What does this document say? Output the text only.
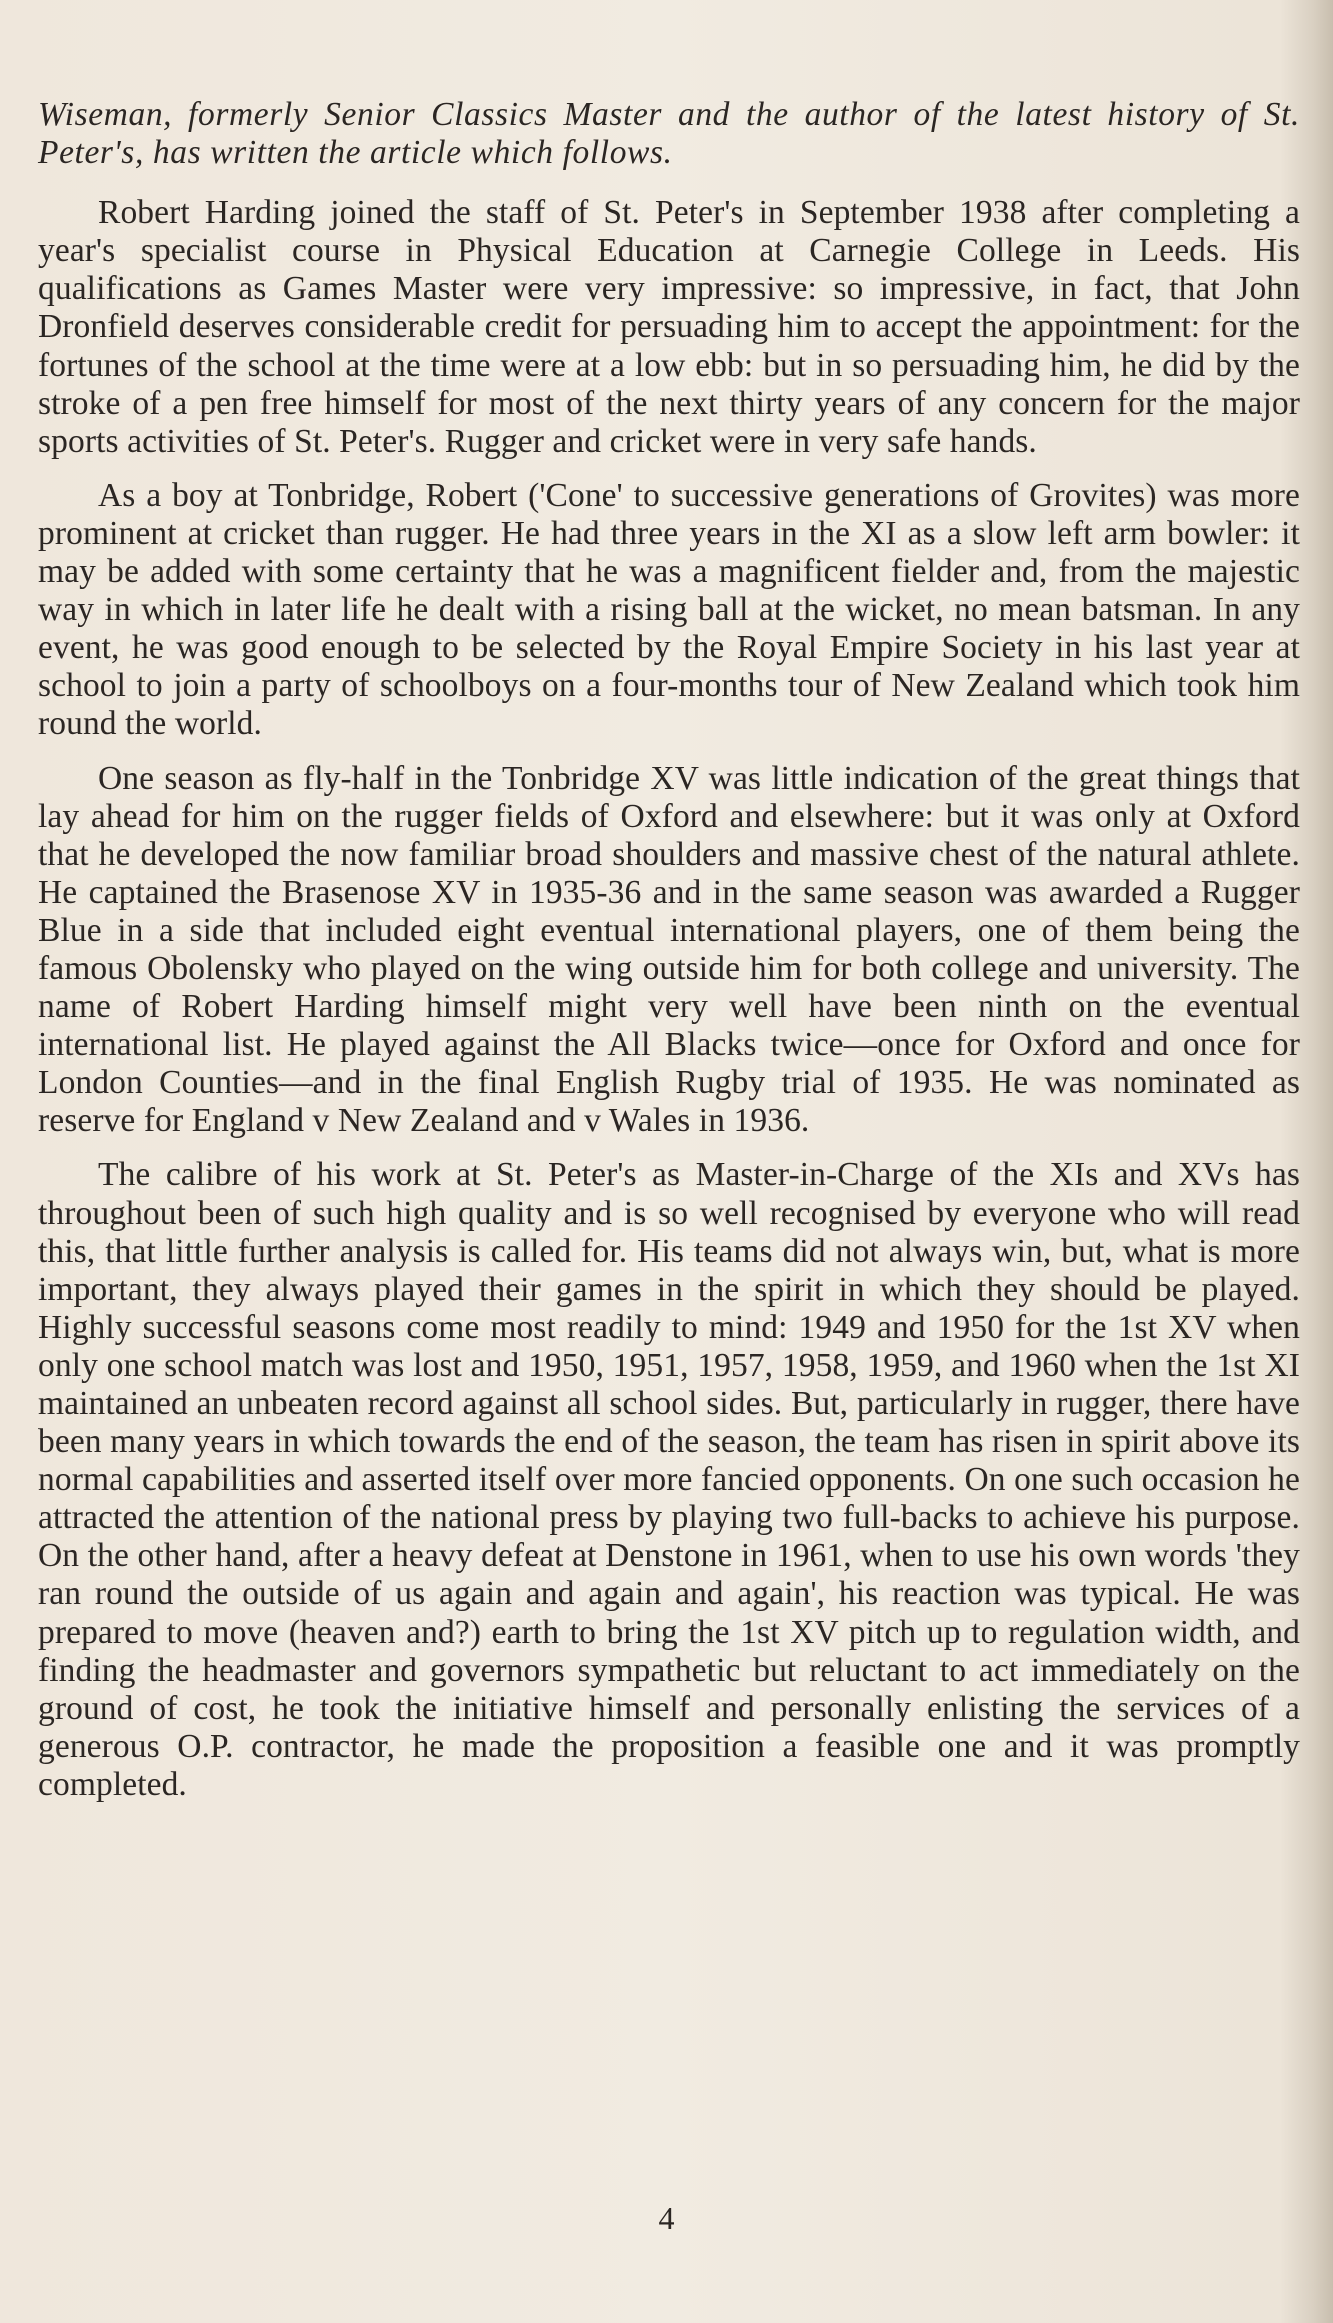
Wiseman, formerly Senior Classics Master and the author of the latest history of St. Peter's, has written the article which follows.

Robert Harding joined the staff of St. Peter's in September 1938 after completing a year's specialist course in Physical Education at Carnegie College in Leeds. His qualifications as Games Master were very impressive: so impressive, in fact, that John Dronfield deserves considerable credit for persuading him to accept the appointment: for the fortunes of the school at the time were at a low ebb: but in so persuading him, he did by the stroke of a pen free himself for most of the next thirty years of any concern for the major sports activities of St. Peter's. Rugger and cricket were in very safe hands.

As a boy at Tonbridge, Robert ('Cone' to successive generations of Grovites) was more prominent at cricket than rugger. He had three years in the XI as a slow left arm bowler: it may be added with some certainty that he was a magnificent fielder and, from the majestic way in which in later life he dealt with a rising ball at the wicket, no mean batsman. In any event, he was good enough to be selected by the Royal Empire Society in his last year at school to join a party of schoolboys on a four-months tour of New Zealand which took him round the world.

One season as fly-half in the Tonbridge XV was little indication of the great things that lay ahead for him on the rugger fields of Oxford and elsewhere: but it was only at Oxford that he developed the now familiar broad shoulders and massive chest of the natural athlete. He captained the Brasenose XV in 1935-36 and in the same season was awarded a Rugger Blue in a side that included eight eventual international players, one of them being the famous Obolensky who played on the wing outside him for both college and university. The name of Robert Harding himself might very well have been ninth on the eventual international list. He played against the All Blacks twice—once for Oxford and once for London Counties—and in the final English Rugby trial of 1935. He was nominated as reserve for England v New Zealand and v Wales in 1936.

The calibre of his work at St. Peter's as Master-in-Charge of the XIs and XVs has throughout been of such high quality and is so well recognised by everyone who will read this, that little further analysis is called for. His teams did not always win, but, what is more important, they always played their games in the spirit in which they should be played. Highly successful seasons come most readily to mind: 1949 and 1950 for the 1st XV when only one school match was lost and 1950, 1951, 1957, 1958, 1959, and 1960 when the 1st XI maintained an unbeaten record against all school sides. But, particularly in rugger, there have been many years in which towards the end of the season, the team has risen in spirit above its normal capabilities and asserted itself over more fancied opponents. On one such occasion he attracted the attention of the national press by playing two full-backs to achieve his purpose. On the other hand, after a heavy defeat at Denstone in 1961, when to use his own words 'they ran round the outside of us again and again and again', his reaction was typical. He was prepared to move (heaven and?) earth to bring the 1st XV pitch up to regulation width, and finding the headmaster and governors sympathetic but reluctant to act immediately on the ground of cost, he took the initiative himself and personally enlisting the services of a generous O.P. contractor, he made the proposition a feasible one and it was promptly completed.

4
